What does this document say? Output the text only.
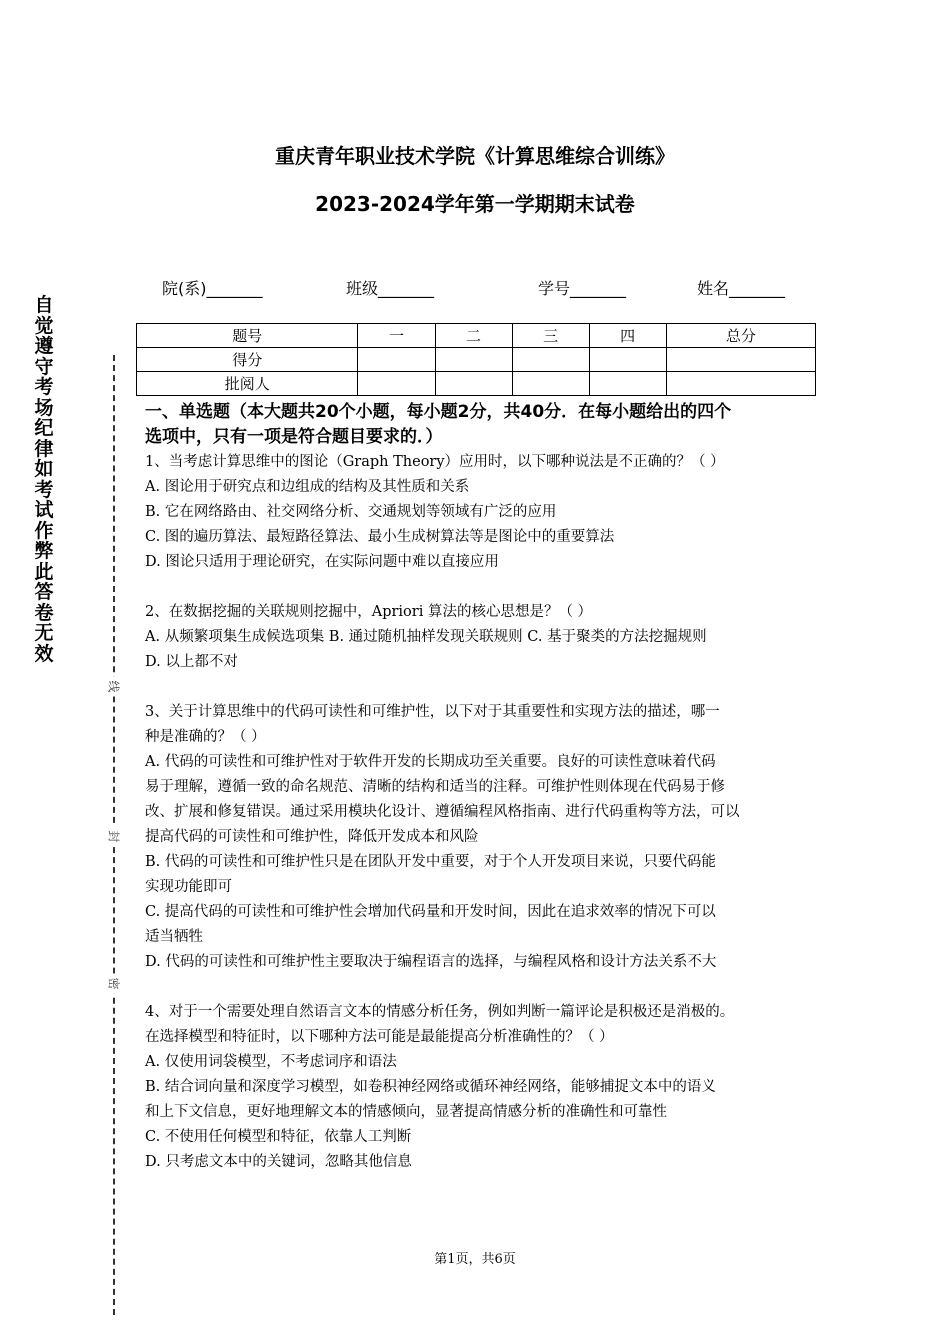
重庆青年职业技术学院《计算思维综合训练》
2023-2024学年第一学期期末试卷
自觉遵守考场纪律如考试作弊此答卷无效
线
封
密
院(系)_______	班级_______	学号_______	姓名_______
题号	一	二	三	四	总分
得分					
批阅人					
一、单选题（本大题共20个小题，每小题2分，共40分．在每小题给出的四个
选项中，只有一项是符合题目要求的．）
1、当考虑计算思维中的图论（Graph Theory）应用时，以下哪种说法是不正确的？（ ）
A. 图论用于研究点和边组成的结构及其性质和关系
B. 它在网络路由、社交网络分析、交通规划等领域有广泛的应用
C. 图的遍历算法、最短路径算法、最小生成树算法等是图论中的重要算法
D. 图论只适用于理论研究，在实际问题中难以直接应用
2、在数据挖掘的关联规则挖掘中，Apriori 算法的核心思想是？（ ）
A. 从频繁项集生成候选项集 B. 通过随机抽样发现关联规则 C. 基于聚类的方法挖掘规则
D. 以上都不对
3、关于计算思维中的代码可读性和可维护性，以下对于其重要性和实现方法的描述，哪一
种是准确的？（ ）
A. 代码的可读性和可维护性对于软件开发的长期成功至关重要。良好的可读性意味着代码
易于理解，遵循一致的命名规范、清晰的结构和适当的注释。可维护性则体现在代码易于修
改、扩展和修复错误。通过采用模块化设计、遵循编程风格指南、进行代码重构等方法，可以
提高代码的可读性和可维护性，降低开发成本和风险
B. 代码的可读性和可维护性只是在团队开发中重要，对于个人开发项目来说，只要代码能
实现功能即可
C. 提高代码的可读性和可维护性会增加代码量和开发时间，因此在追求效率的情况下可以
适当牺牲
D. 代码的可读性和可维护性主要取决于编程语言的选择，与编程风格和设计方法关系不大
4、对于一个需要处理自然语言文本的情感分析任务，例如判断一篇评论是积极还是消极的。
在选择模型和特征时，以下哪种方法可能是最能提高分析准确性的？（ ）
A. 仅使用词袋模型，不考虑词序和语法
B. 结合词向量和深度学习模型，如卷积神经网络或循环神经网络，能够捕捉文本中的语义
和上下文信息，更好地理解文本的情感倾向，显著提高情感分析的准确性和可靠性
C. 不使用任何模型和特征，依靠人工判断
D. 只考虑文本中的关键词，忽略其他信息
第1页，共6页
